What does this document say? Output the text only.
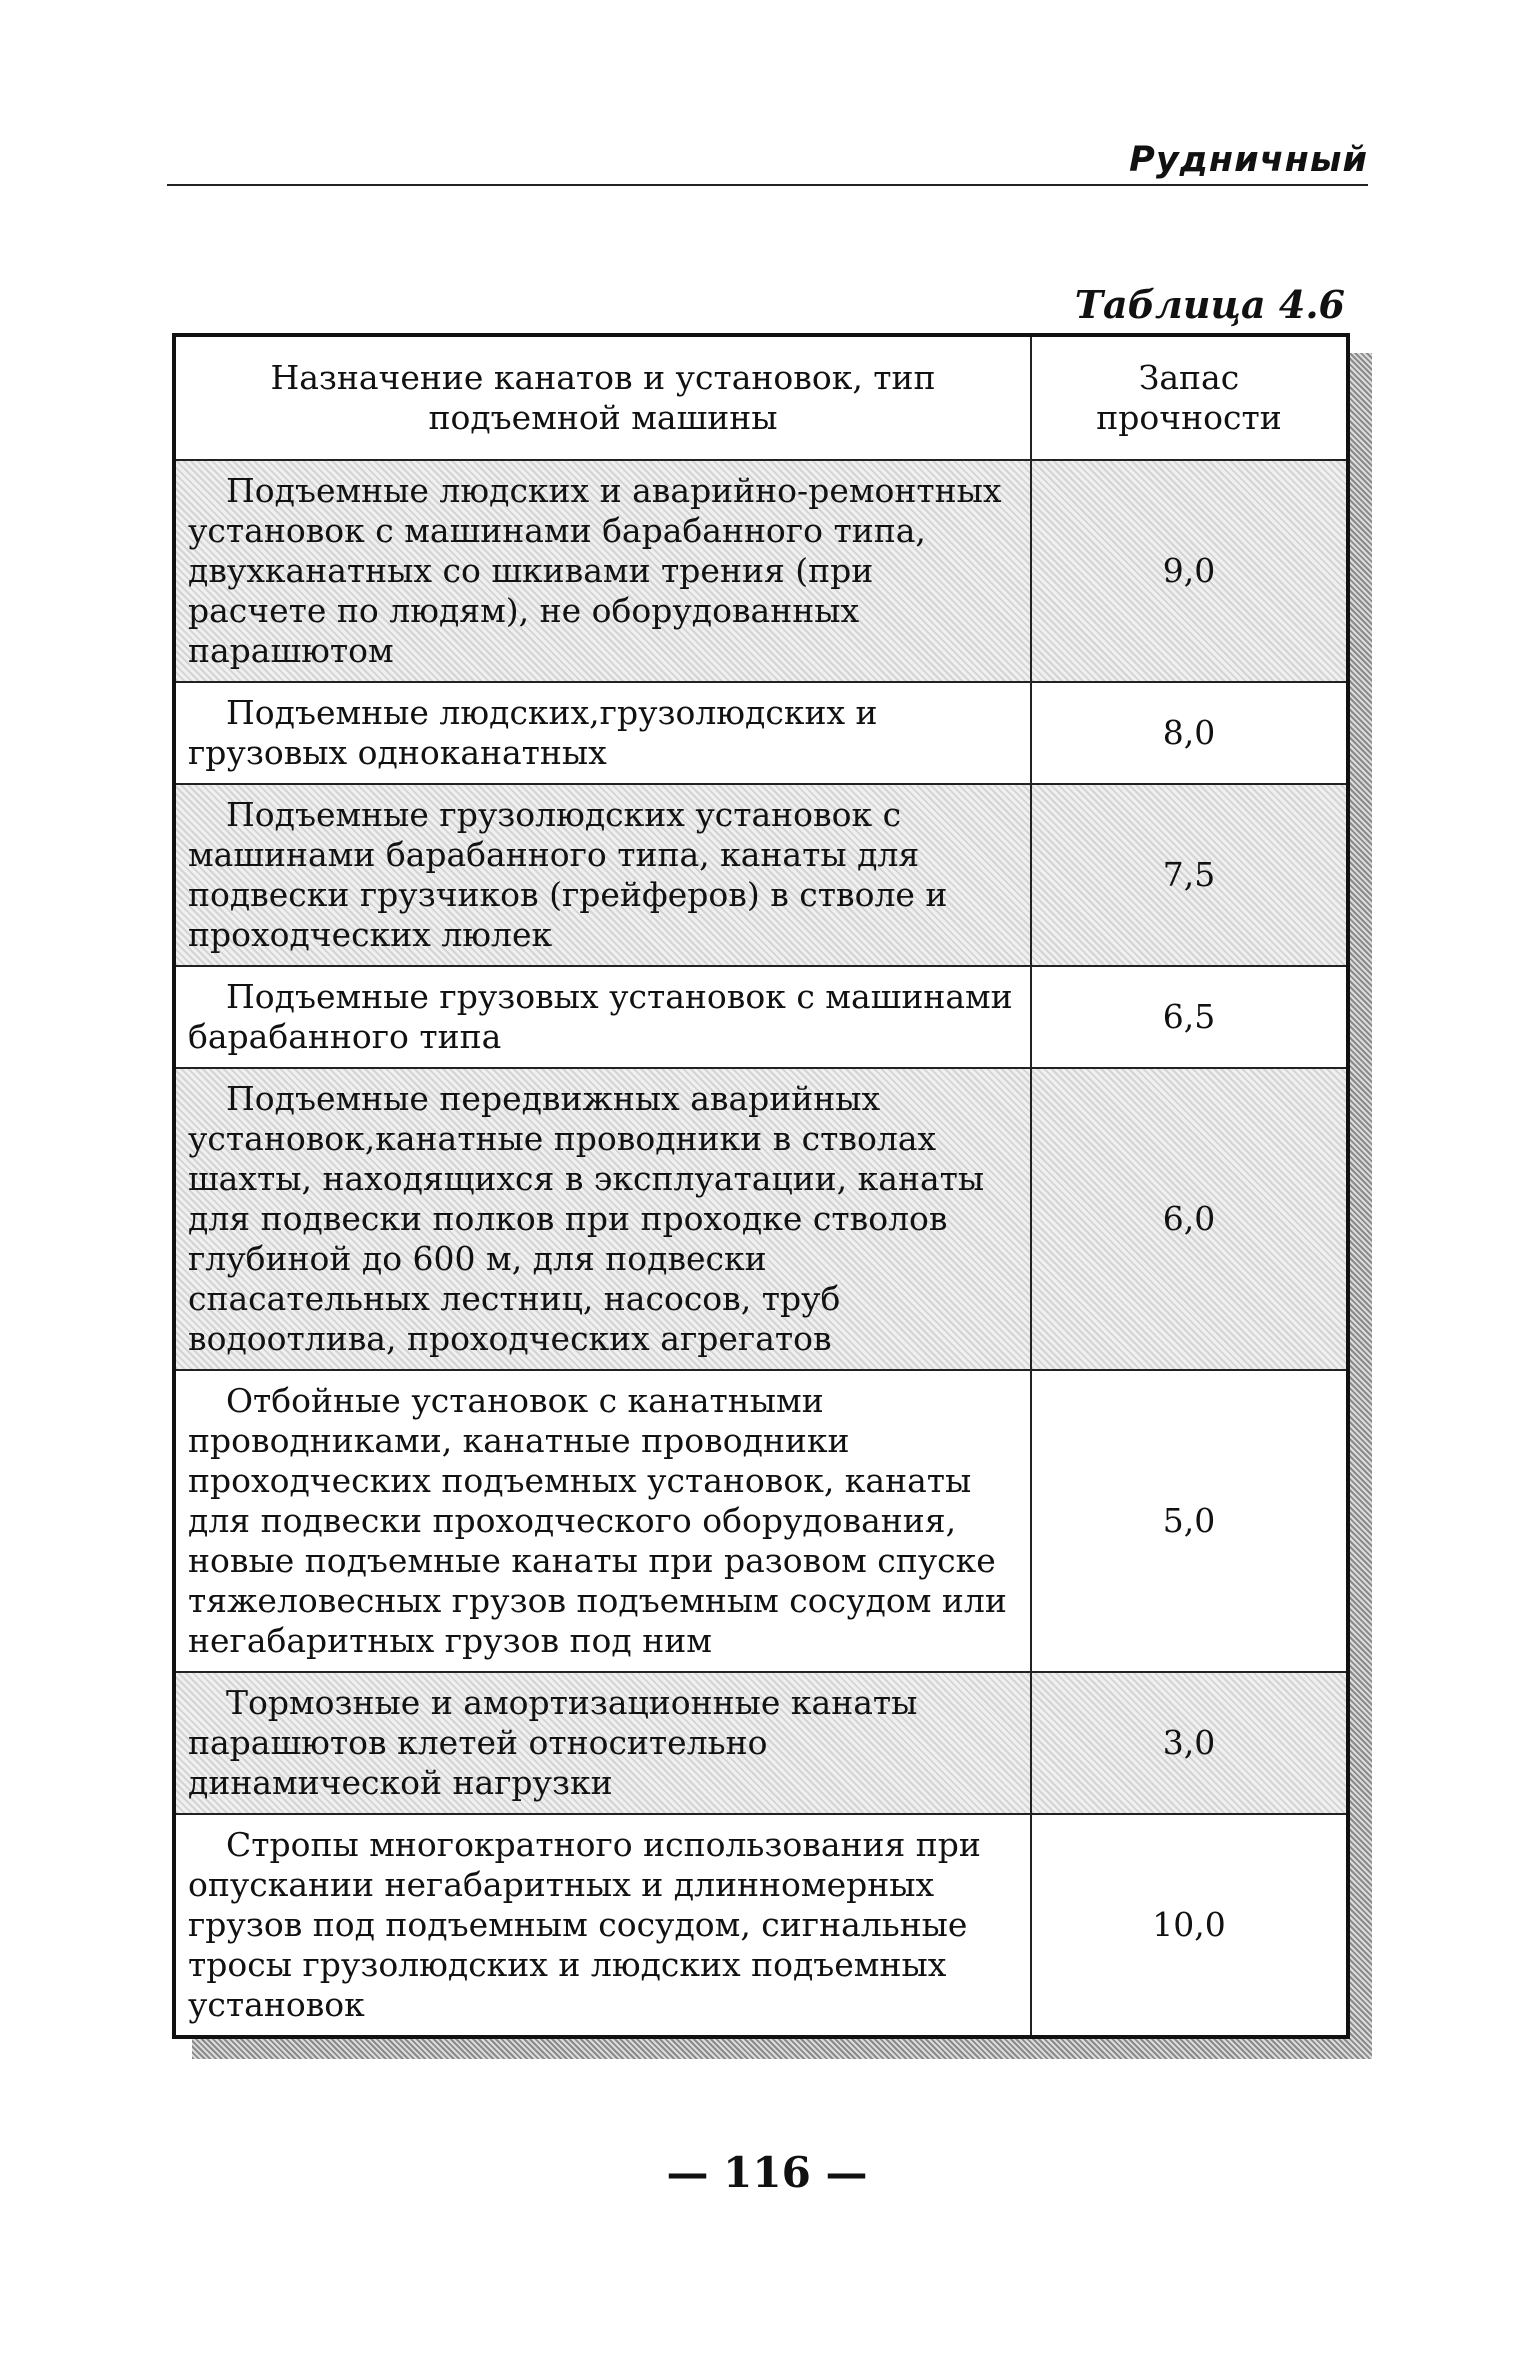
Рудничный
Таблица 4.6
Назначение канатов и установок, тип подъемной машины	Запас прочности
Подъемные людских и аварийно-ремонтных установок с машинами барабанного типа, двухканатных со шкивами трения (при расчете по людям), не оборудованных парашютом	9,0
Подъемные людских,грузолюдских и грузовых одноканатных	8,0
Подъемные грузолюдских установок с машинами барабанного типа, канаты для подвески грузчиков (грейферов) в стволе и проходческих люлек	7,5
Подъемные грузовых установок с машинами барабанного типа	6,5
Подъемные передвижных аварийных установок,канатные проводники в стволах шахты, находящихся в эксплуатации, канаты для подвески полков при проходке стволов глубиной до 600 м, для подвески спасательных лестниц, насосов, труб водоотлива, проходческих агрегатов	6,0
Отбойные установок с канатными проводниками, канатные проводники проходческих подъемных установок, канаты для подвески проходческого оборудования, новые подъемные канаты при разовом спуске тяжеловесных грузов подъемным сосудом или негабаритных грузов под ним	5,0
Тормозные и амортизационные канаты парашютов клетей относительно динамической нагрузки	3,0
Стропы многократного использования при опускании негабаритных и длинномерных грузов под подъемным сосудом, сигнальные тросы грузолюдских и людских подъемных установок	10,0
— 116 —
